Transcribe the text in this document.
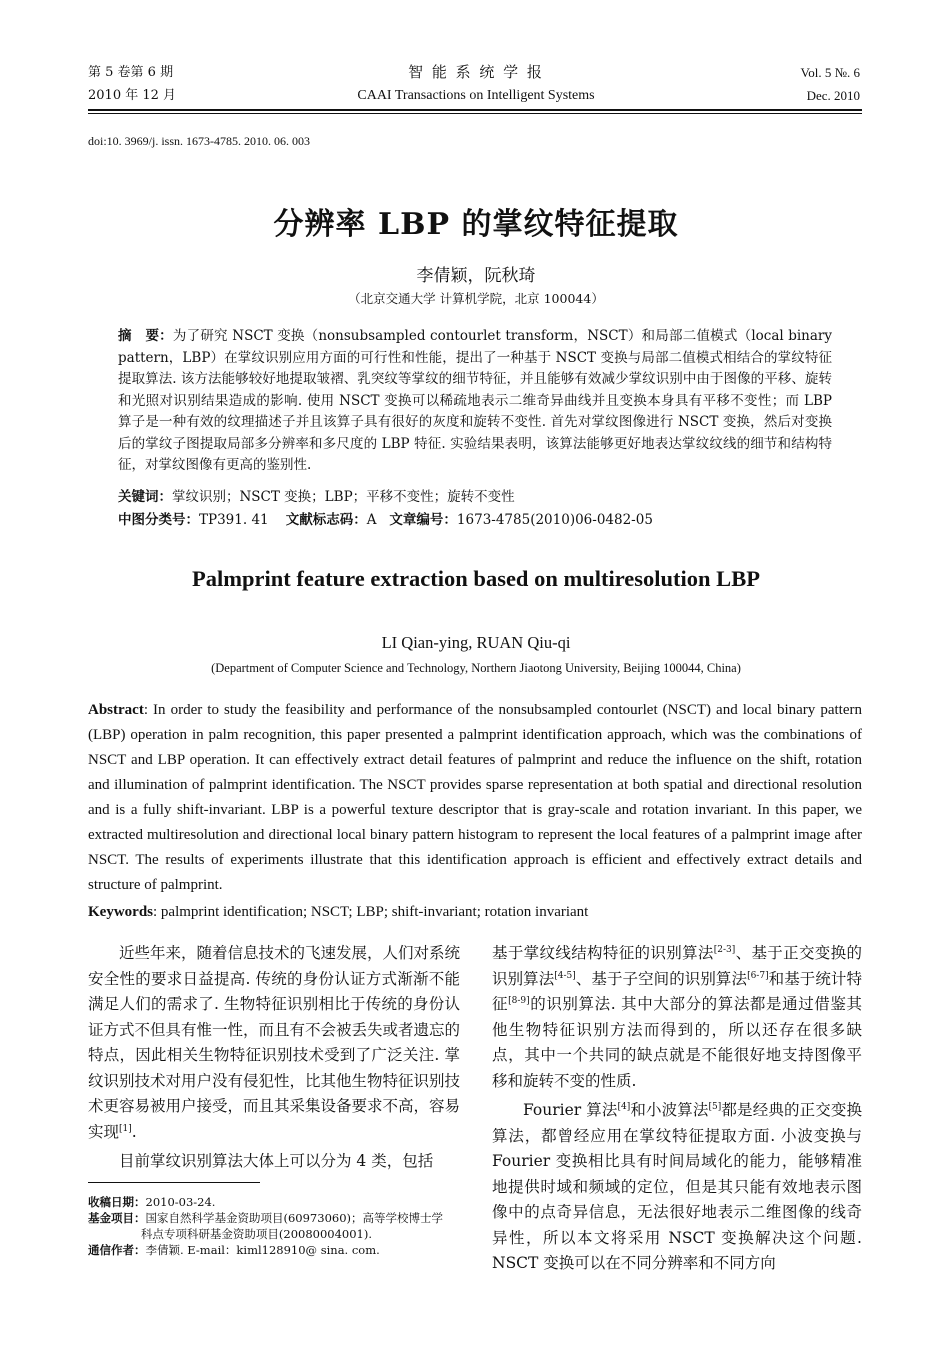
第 5 卷第 6 期
2010 年 12 月
智 能 系 统 学 报
CAAI Transactions on Intelligent Systems
Vol. 5 №. 6
Dec. 2010
doi:10. 3969/j. issn. 1673-4785. 2010. 06. 003
分辨率 LBP 的掌纹特征提取
李倩颖，阮秋琦
（北京交通大学 计算机学院，北京 100044）
摘　要：为了研究 NSCT 变换（nonsubsampled contourlet transform，NSCT）和局部二值模式（local binary pattern，LBP）在掌纹识别应用方面的可行性和性能，提出了一种基于 NSCT 变换与局部二值模式相结合的掌纹特征提取算法. 该方法能够较好地提取皱褶、乳突纹等掌纹的细节特征，并且能够有效减少掌纹识别中由于图像的平移、旋转和光照对识别结果造成的影响. 使用 NSCT 变换可以稀疏地表示二维奇异曲线并且变换本身具有平移不变性；而 LBP 算子是一种有效的纹理描述子并且该算子具有很好的灰度和旋转不变性. 首先对掌纹图像进行 NSCT 变换，然后对变换后的掌纹子图提取局部多分辨率和多尺度的 LBP 特征. 实验结果表明，该算法能够更好地表达掌纹纹线的细节和结构特征，对掌纹图像有更高的鉴别性.
关键词：掌纹识别；NSCT 变换；LBP；平移不变性；旋转不变性
中图分类号：TP391. 41 文献标志码：A 文章编号：1673-4785(2010)06-0482-05
Palmprint feature extraction based on multiresolution LBP
LI Qian-ying, RUAN Qiu-qi
(Department of Computer Science and Technology, Northern Jiaotong University, Beijing 100044, China)
Abstract: In order to study the feasibility and performance of the nonsubsampled contourlet (NSCT) and local binary pattern (LBP) operation in palm recognition, this paper presented a palmprint identification approach, which was the combinations of NSCT and LBP operation. It can effectively extract detail features of palmprint and reduce the influence on the shift, rotation and illumination of palmprint identification. The NSCT provides sparse representation at both spatial and directional resolution and is a fully shift-invariant. LBP is a powerful texture descriptor that is gray-scale and rotation invariant. In this paper, we extracted multiresolution and directional local binary pattern histogram to represent the local features of a palmprint image after NSCT. The results of experiments illustrate that this identification approach is efficient and effectively extract details and structure of palmprint.
Keywords: palmprint identification; NSCT; LBP; shift-invariant; rotation invariant
近些年来，随着信息技术的飞速发展，人们对系统安全性的要求日益提高. 传统的身份认证方式渐渐不能满足人们的需求了. 生物特征识别相比于传统的身份认证方式不但具有惟一性，而且有不会被丢失或者遗忘的特点，因此相关生物特征识别技术受到了广泛关注. 掌纹识别技术对用户没有侵犯性，比其他生物特征识别技术更容易被用户接受，而且其采集设备要求不高，容易实现[1].
目前掌纹识别算法大体上可以分为 4 类，包括
基于掌纹线结构特征的识别算法[2-3]、基于正交变换的识别算法[4-5]、基于子空间的识别算法[6-7]和基于统计特征[8-9]的识别算法. 其中大部分的算法都是通过借鉴其他生物特征识别方法而得到的，所以还存在很多缺点，其中一个共同的缺点就是不能很好地支持图像平移和旋转不变的性质.
Fourier 算法[4]和小波算法[5]都是经典的正交变换算法，都曾经应用在掌纹特征提取方面. 小波变换与 Fourier 变换相比具有时间局域化的能力，能够精准地提供时域和频域的定位，但是其只能有效地表示图像中的点奇异信息，无法很好地表示二维图像的线奇异性，所以本文将采用 NSCT 变换解决这个问题. NSCT 变换可以在不同分辨率和不同方向
收稿日期：2010-03-24.
基金项目：国家自然科学基金资助项目(60973060)；高等学校博士学
科点专项科研基金资助项目(20080004001).
通信作者：李倩颖. E-mail：kiml128910@ sina. com.
